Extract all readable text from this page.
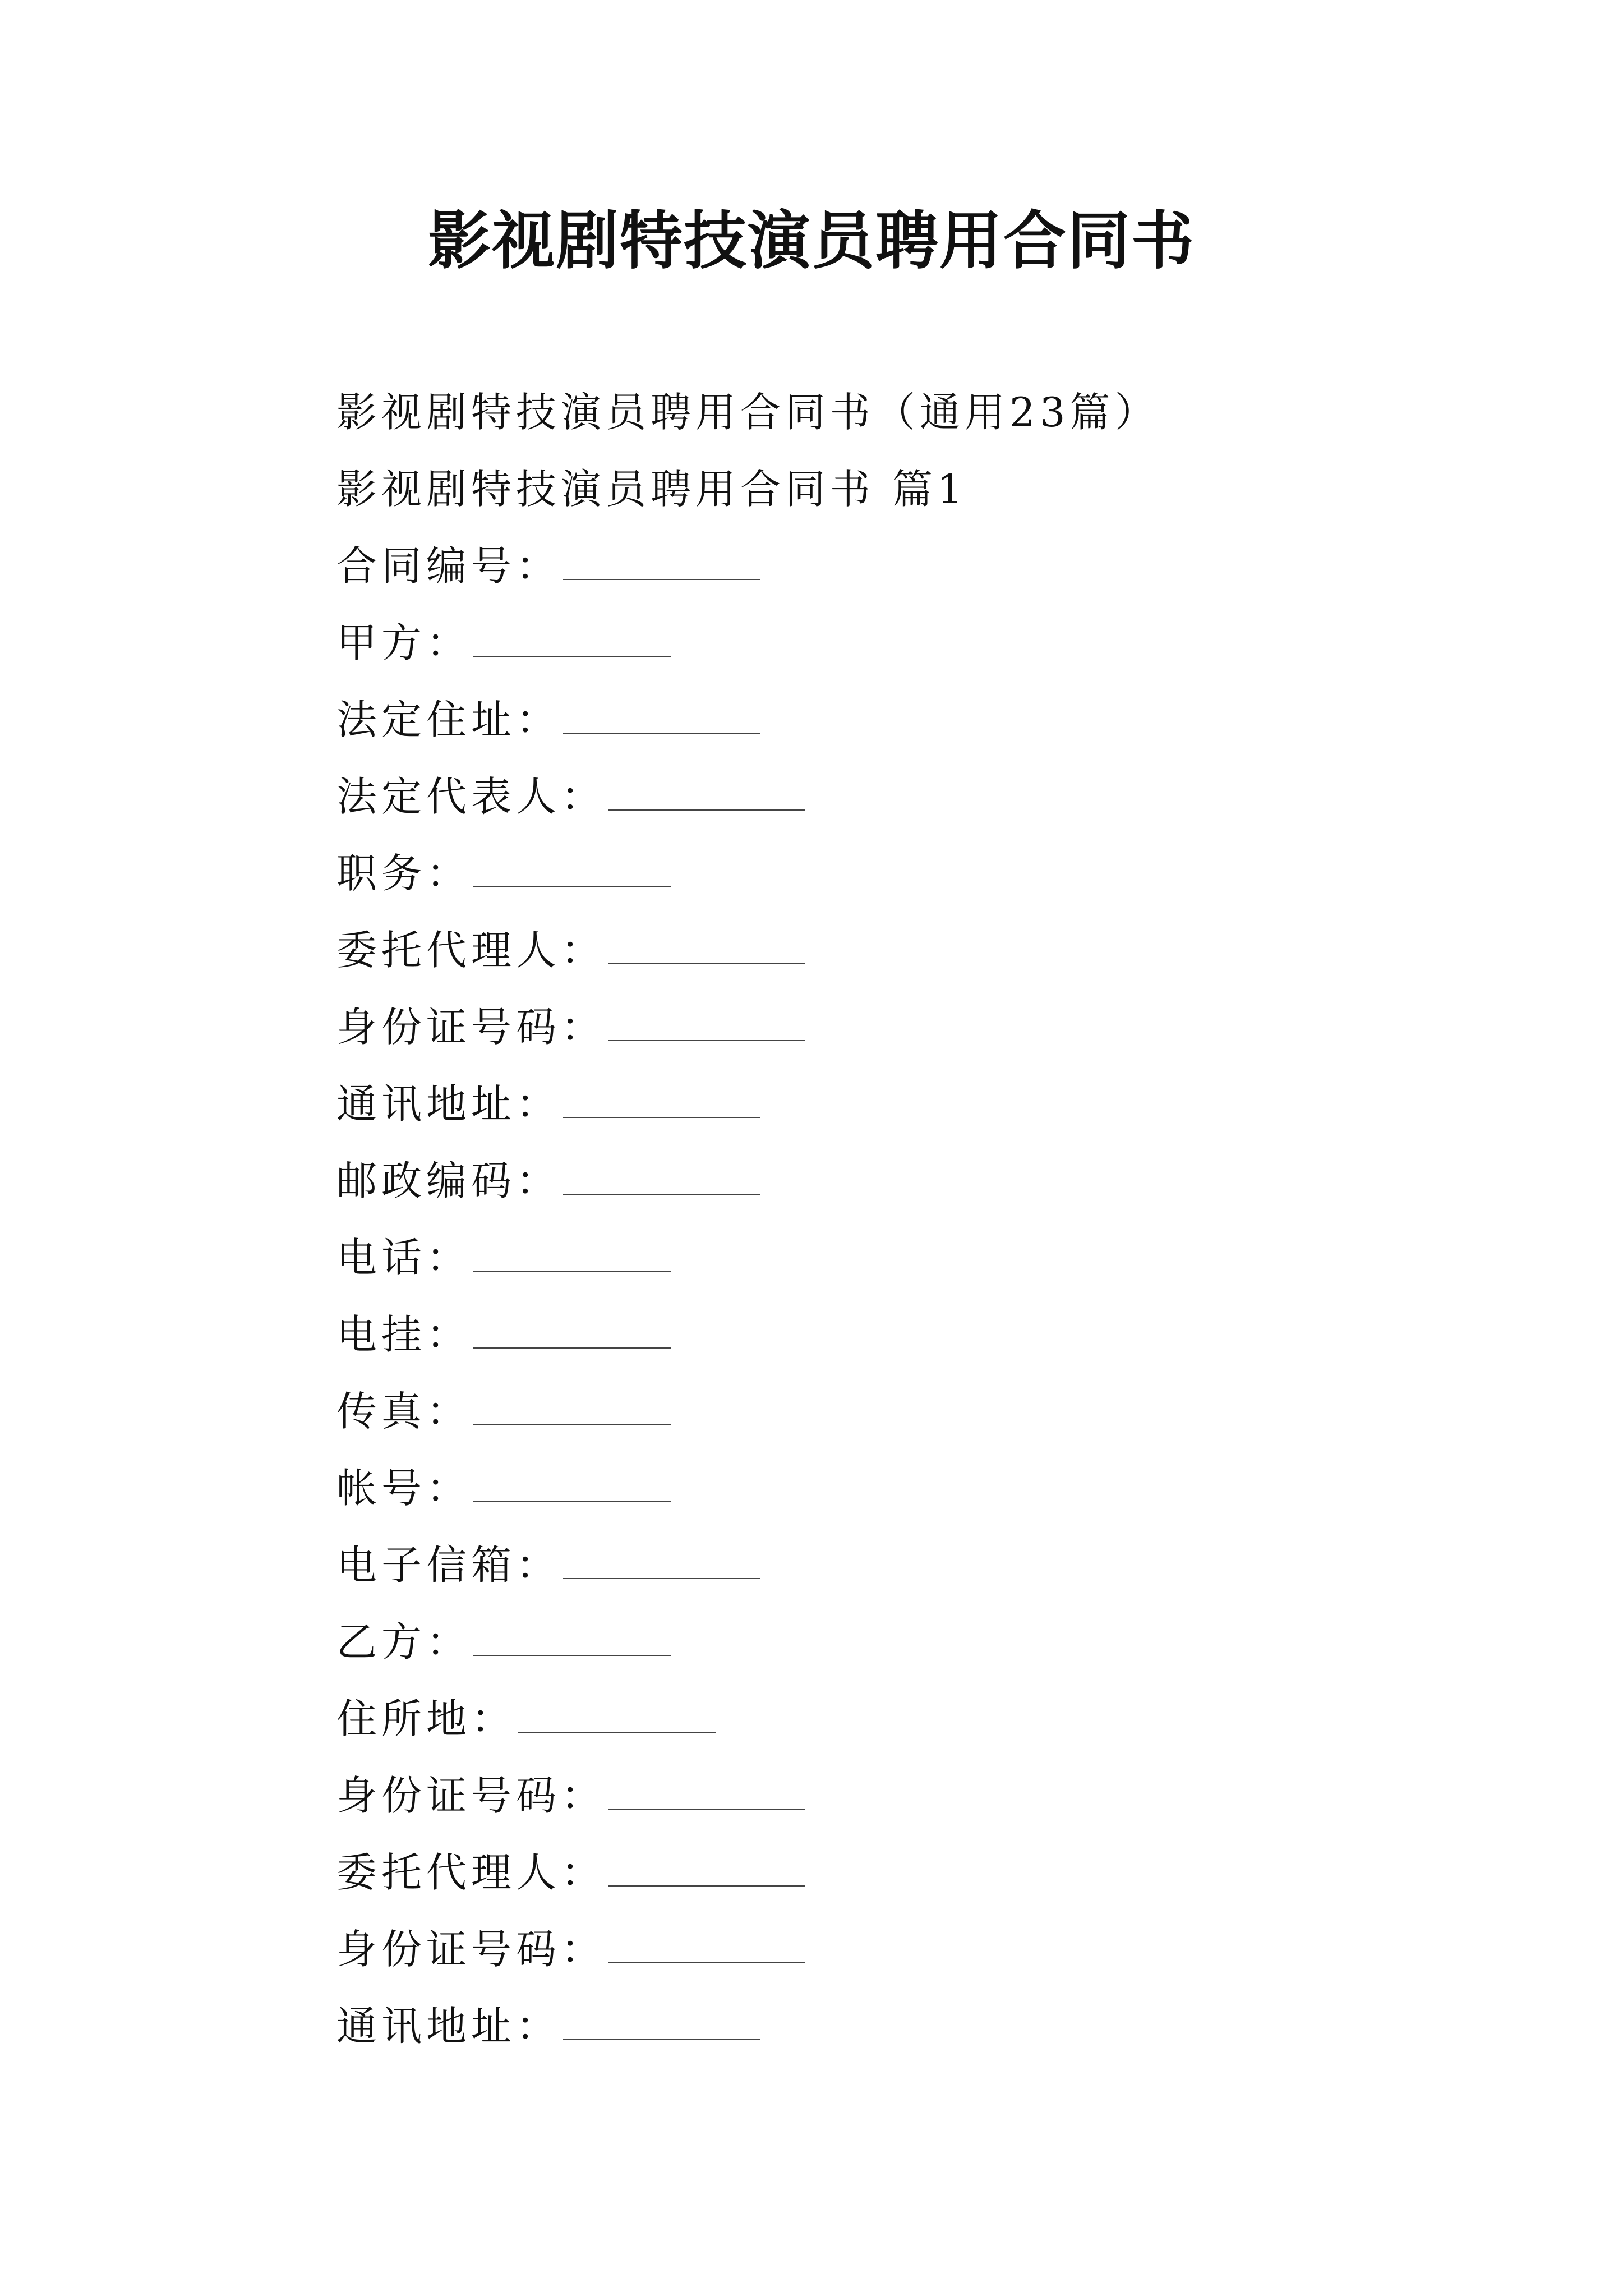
影视剧特技演员聘用合同书
影视剧特技演员聘用合同书（通用23篇）
影视剧特技演员聘用合同书 篇1
合同编号：
甲方：
法定住址：
法定代表人：
职务：
委托代理人：
身份证号码：
通讯地址：
邮政编码：
电话：
电挂：
传真：
帐号：
电子信箱：
乙方：
住所地：
身份证号码：
委托代理人：
身份证号码：
通讯地址：
